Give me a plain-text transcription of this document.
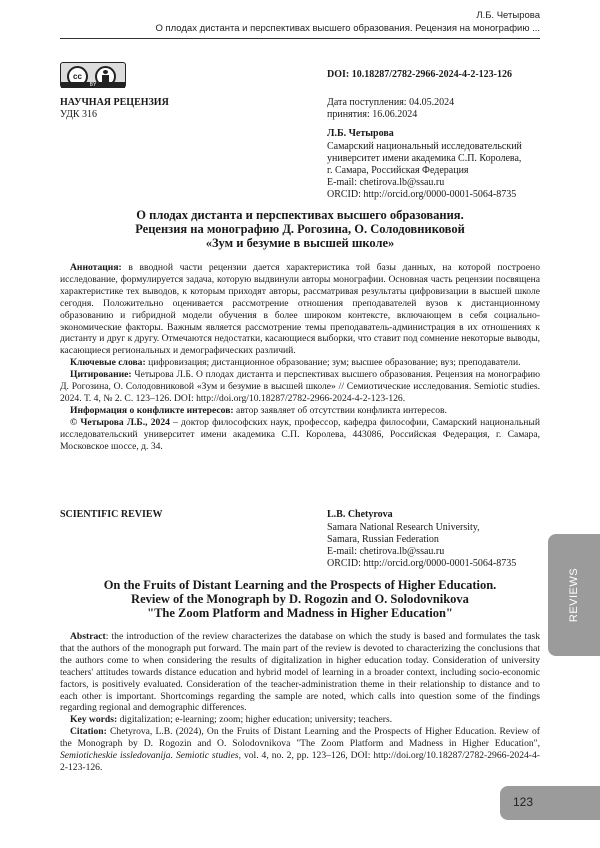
Л.Б. Четырова
О плодах дистанта и перспективах высшего образования. Рецензия на монографию ...
cc
BY
DOI: 10.18287/2782-2966-2024-4-2-123-126
НАУЧНАЯ РЕЦЕНЗИЯ
УДК 316
Дата поступления: 04.05.2024
принятия: 16.06.2024
Л.Б. Четырова
Самарский национальный исследовательский
университет имени академика С.П. Королева,
г. Самара, Российская Федерация
E-mail: chetirova.lb@ssau.ru
ORCID: http://orcid.org/0000-0001-5064-8735
О плодах дистанта и перспективах высшего образования.
Рецензия на монографию Д. Рогозина, О. Солодовниковой
«Зум и безумие в высшей школе»

Аннотация: в вводной части рецензии дается характеристика той базы данных, на которой построено исследование, формулируется задача, которую выдвинули авторы монографии. Основная часть рецензии посвящена характеристике тех выводов, к которым приходят авторы, рассматривая результаты цифровизации в высшей школе сегодня. Положительно оценивается рассмотрение отношения преподавателей вузов к дистанционному образованию и гибридной модели обучения в более широком контексте, включающем в себя социально-экономические факторы. Важным является рассмотрение темы преподаватель-администрация в их отношениях к дистанту и друг к другу. Отмечаются недостатки, касающиеся выборки, что ставит под сомнение некоторые выводы, касающиеся региональных и демографических различий.

Ключевые слова: цифровизация; дистанционное образование; зум; высшее образование; вуз; преподаватели.

Цитирование: Четырова Л.Б. О плодах дистанта и перспективах высшего образования. Рецензия на монографию Д. Рогозина, О. Солодовниковой «Зум и безумие в высшей школе» // Семиотические исследования. Semiotic studies. 2024. Т. 4, № 2. С. 123–126. DOI: http://doi.org/10.18287/2782-2966-2024-4-2-123-126.

Информация о конфликте интересов: автор заявляет об отсутствии конфликта интересов.

© Четырова Л.Б., 2024 – доктор философских наук, профессор, кафедра философии, Самарский национальный исследовательский университет имени академика С.П. Королева, 443086, Российская Федерация, г. Самара, Московское шоссе, д. 34.

SCIENTIFIC REVIEW	L.B. Chetyrova
Samara National Research University,
Samara, Russian Federation
E-mail: chetirova.lb@ssau.ru
ORCID: http://orcid.org/0000-0001-5064-8735
On the Fruits of Distant Learning and the Prospects of Higher Education.
Review of the Monograph by D. Rogozin and O. Solodovnikova
"The Zoom Platform and Madness in Higher Education"

Abstract: the introduction of the review characterizes the database on which the study is based and formulates the task that the authors of the monograph put forward. The main part of the review is devoted to characterizing the conclusions that the authors come to when considering the results of digitalization in higher education today. Consideration of university teachers' attitudes towards distance education and hybrid model of learning in a broader context, including socio-economic factors, is positively evaluated. Consideration of the teacher-administration theme in their relationship to distance and to each other is important. Shortcomings regarding the sample are noted, which calls into question some of the findings regarding regional and demographic differences.

Key words: digitalization; e-learning; zoom; higher education; university; teachers.

Citation: Chetyrova, L.B. (2024), On the Fruits of Distant Learning and the Prospects of Higher Education. Review of the Monograph by D. Rogozin and O. Solodovnikova "The Zoom Platform and Madness in Higher Education", Semioticheskie issledovanija. Semiotic studies, vol. 4, no. 2, pp. 123–126, DOI: http://doi.org/10.18287/2782-2966-2024-4-2-123-126.

REVIEWS
123
